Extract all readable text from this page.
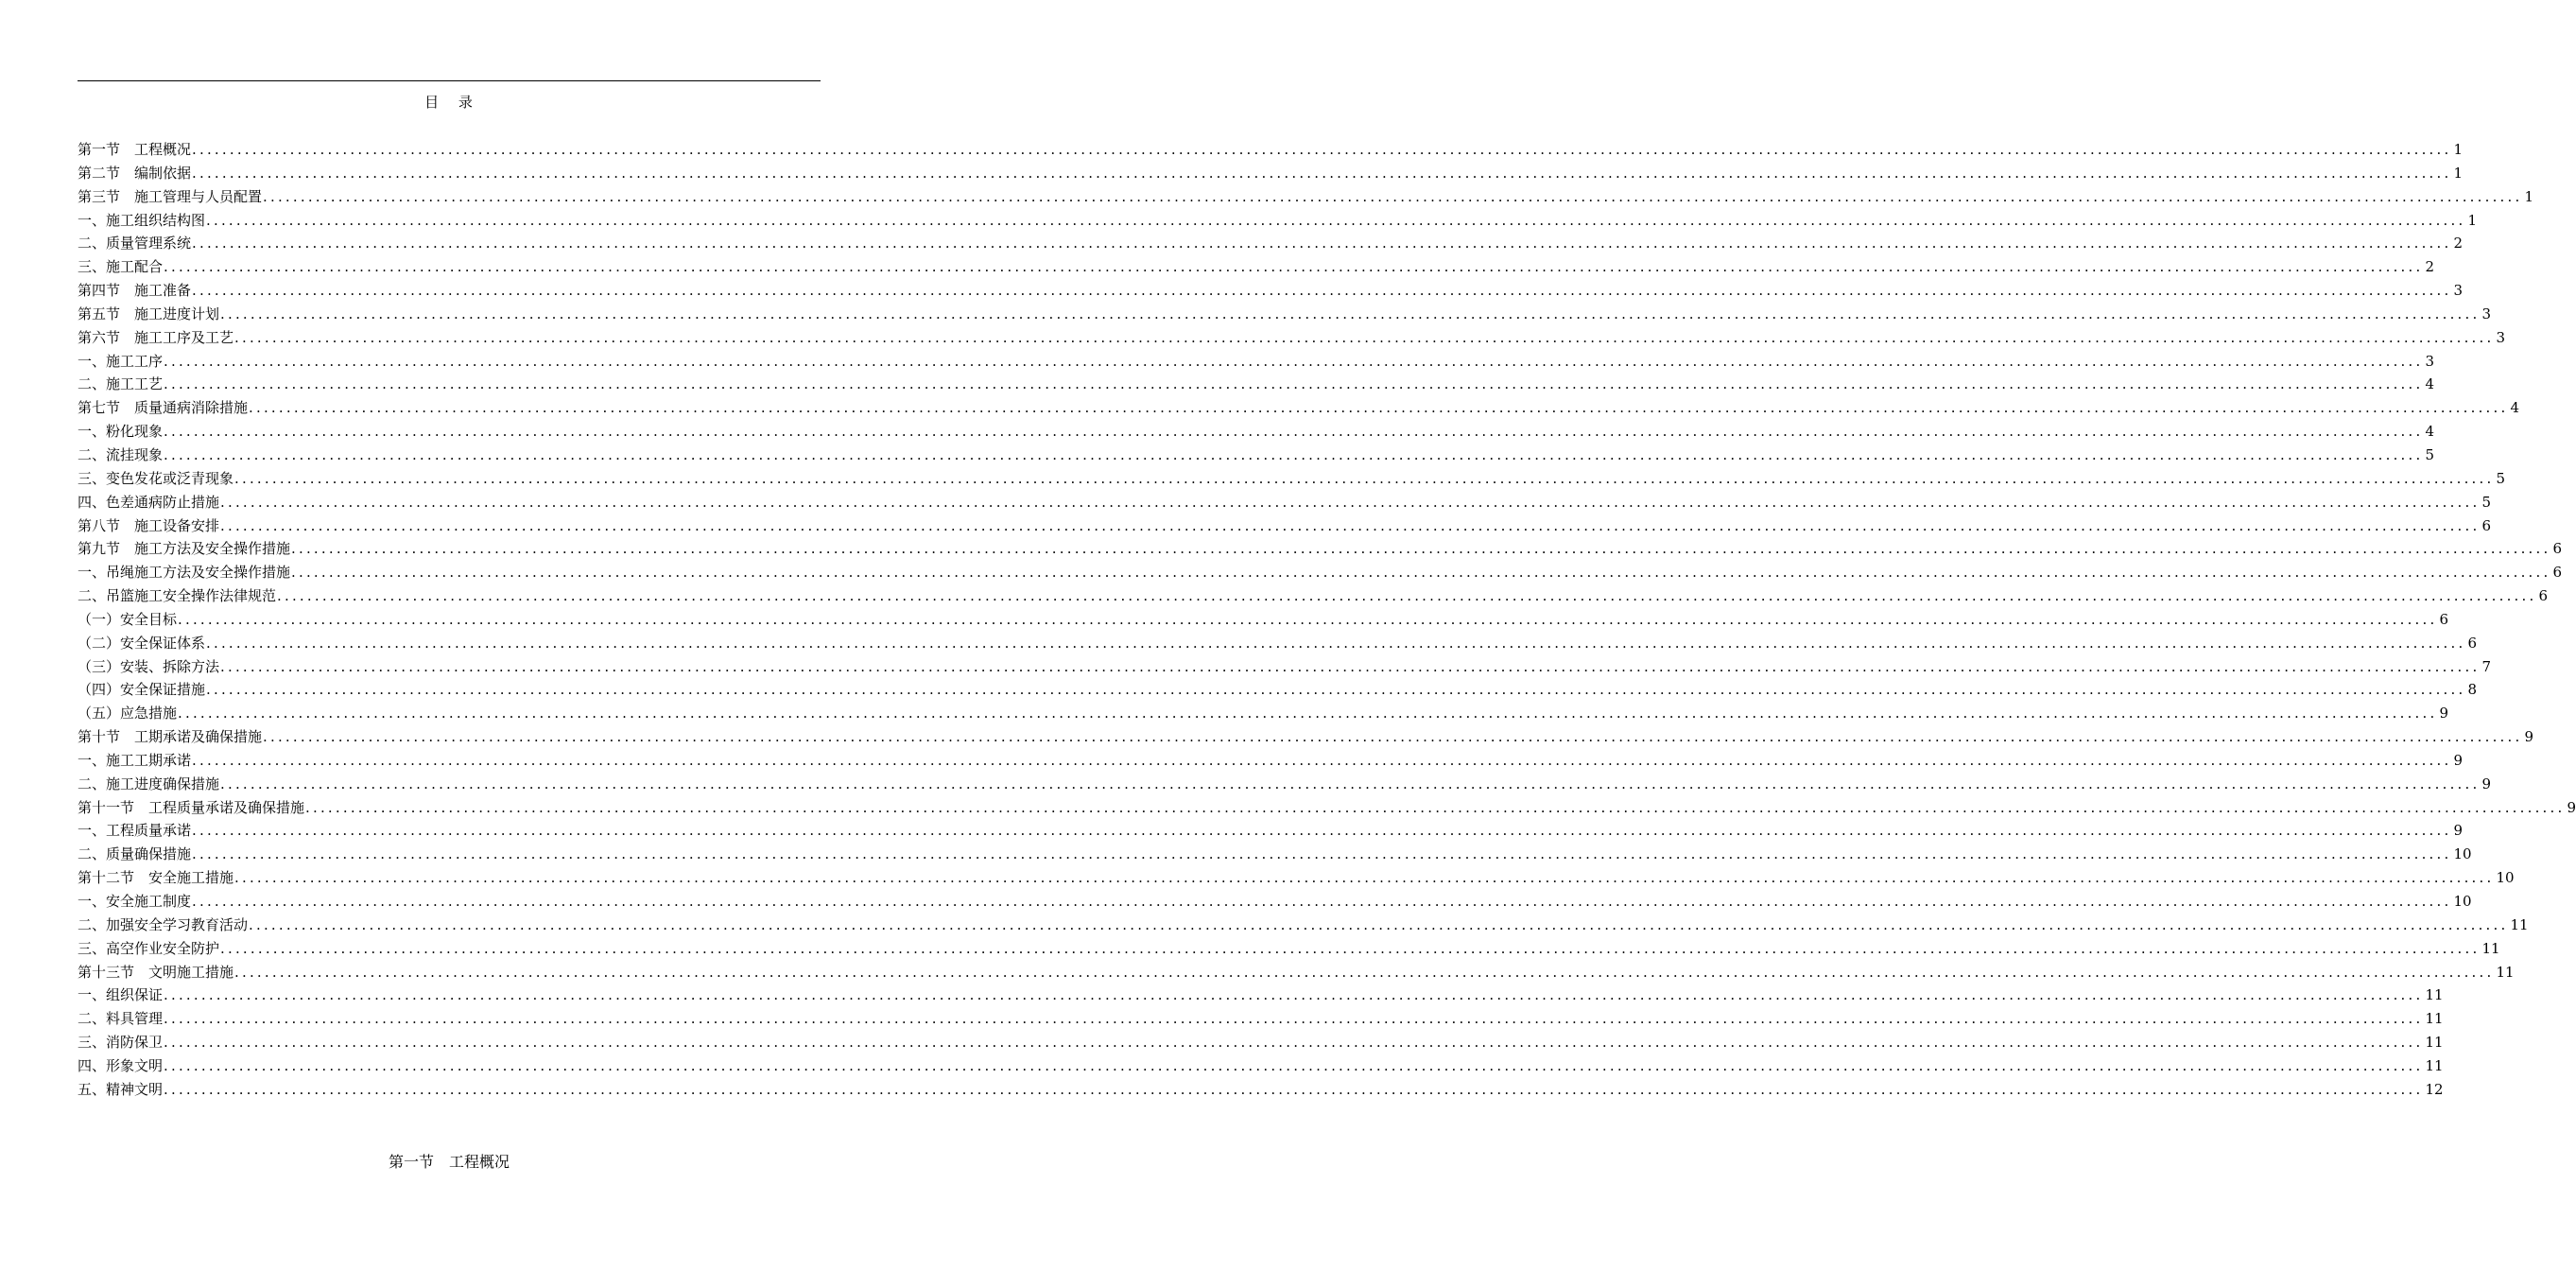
目 录
第一节　工程概况 ............................................................................................................................................................................................................................................................................................................ 1
第二节　编制依据 ............................................................................................................................................................................................................................................................................................................ 1
第三节　施工管理与人员配置 ............................................................................................................................................................................................................................................................................................................ 1
一、施工组织结构图 ............................................................................................................................................................................................................................................................................................................ 1
二、质量管理系统 ............................................................................................................................................................................................................................................................................................................ 2
三、施工配合 ............................................................................................................................................................................................................................................................................................................ 2
第四节　施工准备 ............................................................................................................................................................................................................................................................................................................ 3
第五节　施工进度计划 ............................................................................................................................................................................................................................................................................................................ 3
第六节　施工工序及工艺 ............................................................................................................................................................................................................................................................................................................ 3
一、施工工序 ............................................................................................................................................................................................................................................................................................................ 3
二、施工工艺 ............................................................................................................................................................................................................................................................................................................ 4
第七节　质量通病消除措施 ............................................................................................................................................................................................................................................................................................................ 4
一、粉化现象 ............................................................................................................................................................................................................................................................................................................ 4
二、流挂现象 ............................................................................................................................................................................................................................................................................................................ 5
三、变色发花或泛青现象 ............................................................................................................................................................................................................................................................................................................ 5
四、色差通病防止措施 ............................................................................................................................................................................................................................................................................................................ 5
第八节　施工设备安排 ............................................................................................................................................................................................................................................................................................................ 6
第九节　施工方法及安全操作措施 ............................................................................................................................................................................................................................................................................................................ 6
一、吊绳施工方法及安全操作措施 ............................................................................................................................................................................................................................................................................................................ 6
二、吊篮施工安全操作法律规范 ............................................................................................................................................................................................................................................................................................................ 6
（一）安全目标 ............................................................................................................................................................................................................................................................................................................ 6
（二）安全保证体系 ............................................................................................................................................................................................................................................................................................................ 6
（三）安装、拆除方法 ............................................................................................................................................................................................................................................................................................................ 7
（四）安全保证措施 ............................................................................................................................................................................................................................................................................................................ 8
（五）应急措施 ............................................................................................................................................................................................................................................................................................................ 9
第十节　工期承诺及确保措施 ............................................................................................................................................................................................................................................................................................................ 9
一、施工工期承诺 ............................................................................................................................................................................................................................................................................................................ 9
二、施工进度确保措施 ............................................................................................................................................................................................................................................................................................................ 9
第十一节　工程质量承诺及确保措施 ............................................................................................................................................................................................................................................................................................................ 9
一、工程质量承诺 ............................................................................................................................................................................................................................................................................................................ 9
二、质量确保措施 ............................................................................................................................................................................................................................................................................................................ 10
第十二节　安全施工措施 ............................................................................................................................................................................................................................................................................................................ 10
一、安全施工制度 ............................................................................................................................................................................................................................................................................................................ 10
二、加强安全学习教育活动 ............................................................................................................................................................................................................................................................................................................ 11
三、高空作业安全防护 ............................................................................................................................................................................................................................................................................................................ 11
第十三节　文明施工措施 ............................................................................................................................................................................................................................................................................................................ 11
一、组织保证 ............................................................................................................................................................................................................................................................................................................ 11
二、料具管理 ............................................................................................................................................................................................................................................................................................................ 11
三、消防保卫 ............................................................................................................................................................................................................................................................................................................ 11
四、形象文明 ............................................................................................................................................................................................................................................................................................................ 11
五、精神文明 ............................................................................................................................................................................................................................................................................................................ 12
第一节　工程概况
